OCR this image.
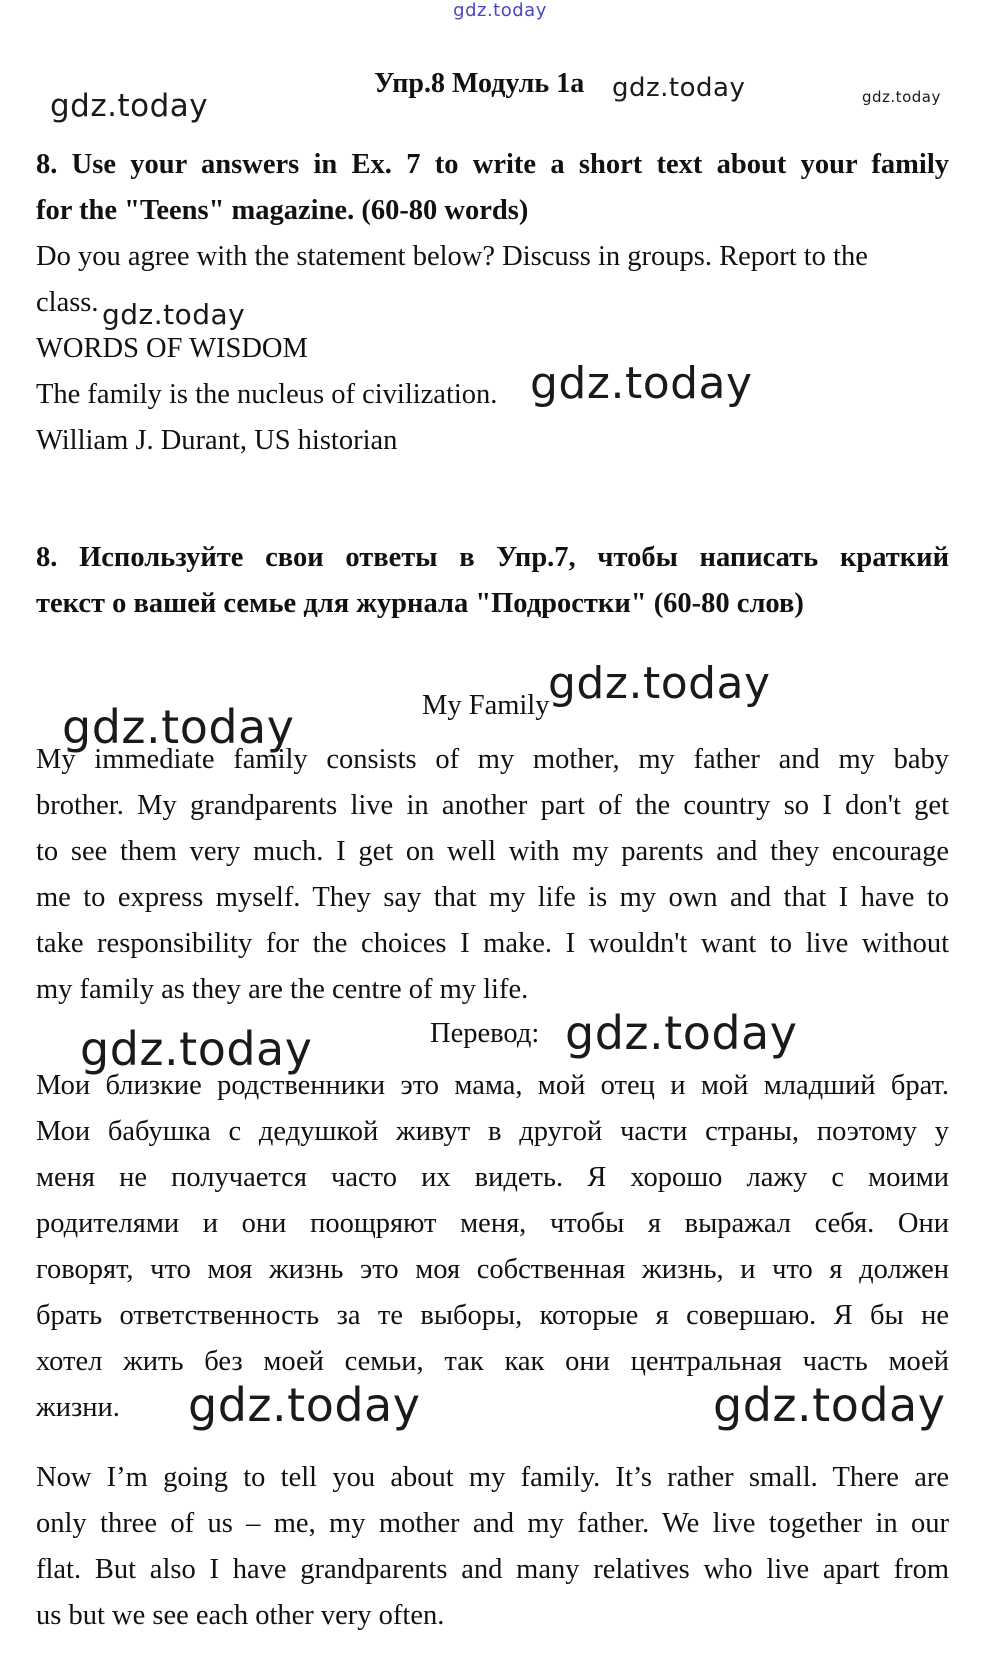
Упр.8 Модуль 1а
8. Use your answers in Ex. 7 to write a short text about your family
for the "Teens" magazine. (60-80 words)
Do you agree with the statement below? Discuss in groups. Report to the
class.
WORDS OF WISDOM
The family is the nucleus of civilization.
William J. Durant, US historian
8. Используйте свои ответы в Упр.7, чтобы написать краткий
текст о вашей семье для журнала "Подростки" (60-80 слов)
My Family
My immediate family consists of my mother, my father and my baby
brother. My grandparents live in another part of the country so I don't get
to see them very much. I get on well with my parents and they encourage
me to express myself. They say that my life is my own and that I have to
take responsibility for the choices I make. I wouldn't want to live without
my family as they are the centre of my life.
Перевод:
Мои близкие родственники это мама, мой отец и мой младший брат.
Мои бабушка с дедушкой живут в другой части страны, поэтому у
меня не получается часто их видеть. Я хорошо лажу с моими
родителями и они поощряют меня, чтобы я выражал себя. Они
говорят, что моя жизнь это моя собственная жизнь, и что я должен
брать ответственность за те выборы, которые я совершаю. Я бы не
хотел жить без моей семьи, так как они центральная часть моей
жизни.
Now I’m going to tell you about my family. It’s rather small. There are
only three of us – me, my mother and my father. We live together in our
flat. But also I have grandparents and many relatives who live apart from
us but we see each other very often.
gdz.today
gdz.today	gdz.today	gdz.today
gdz.today
gdz.today
gdz.today
gdz.today
gdz.today	gdz.today
gdz.today	gdz.today
